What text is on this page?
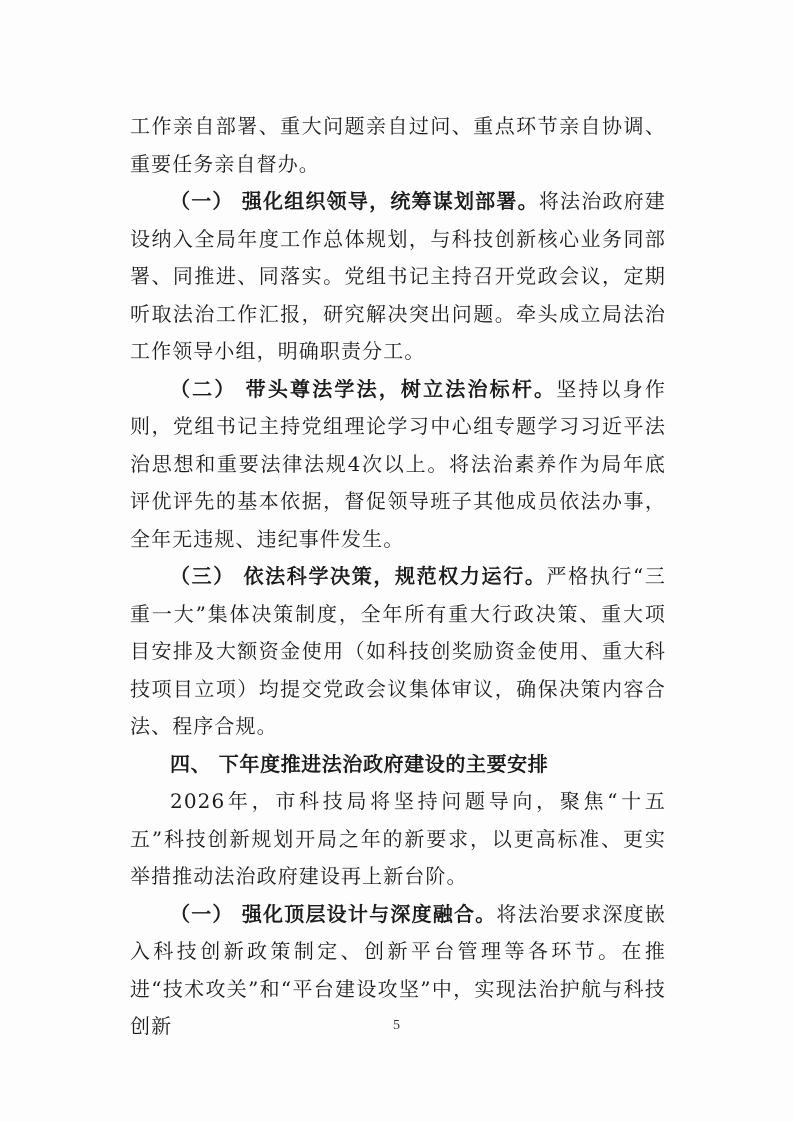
工作亲自部署、重大问题亲自过问、重点环节亲自协调、重要任务亲自督办。

（一） 强化组织领导，统筹谋划部署。将法治政府建设纳入全局年度工作总体规划，与科技创新核心业务同部署、同推进、同落实。党组书记主持召开党政会议，定期听取法治工作汇报，研究解决突出问题。牵头成立局法治工作领导小组，明确职责分工。

（二） 带头尊法学法，树立法治标杆。坚持以身作则，党组书记主持党组理论学习中心组专题学习习近平法治思想和重要法律法规4次以上。将法治素养作为局年底评优评先的基本依据，督促领导班子其他成员依法办事，全年无违规、违纪事件发生。

（三） 依法科学决策，规范权力运行。严格执行“三重一大”集体决策制度，全年所有重大行政决策、重大项目安排及大额资金使用（如科技创奖励资金使用、重大科技项目立项）均提交党政会议集体审议，确保决策内容合法、程序合规。

四、 下年度推进法治政府建设的主要安排

2026年，市科技局将坚持问题导向，聚焦“十五五”科技创新规划开局之年的新要求，以更高标准、更实举措推动法治政府建设再上新台阶。

（一） 强化顶层设计与深度融合。将法治要求深度嵌入科技创新政策制定、创新平台管理等各环节。在推进“技术攻关”和“平台建设攻坚”中，实现法治护航与科技创新	5
